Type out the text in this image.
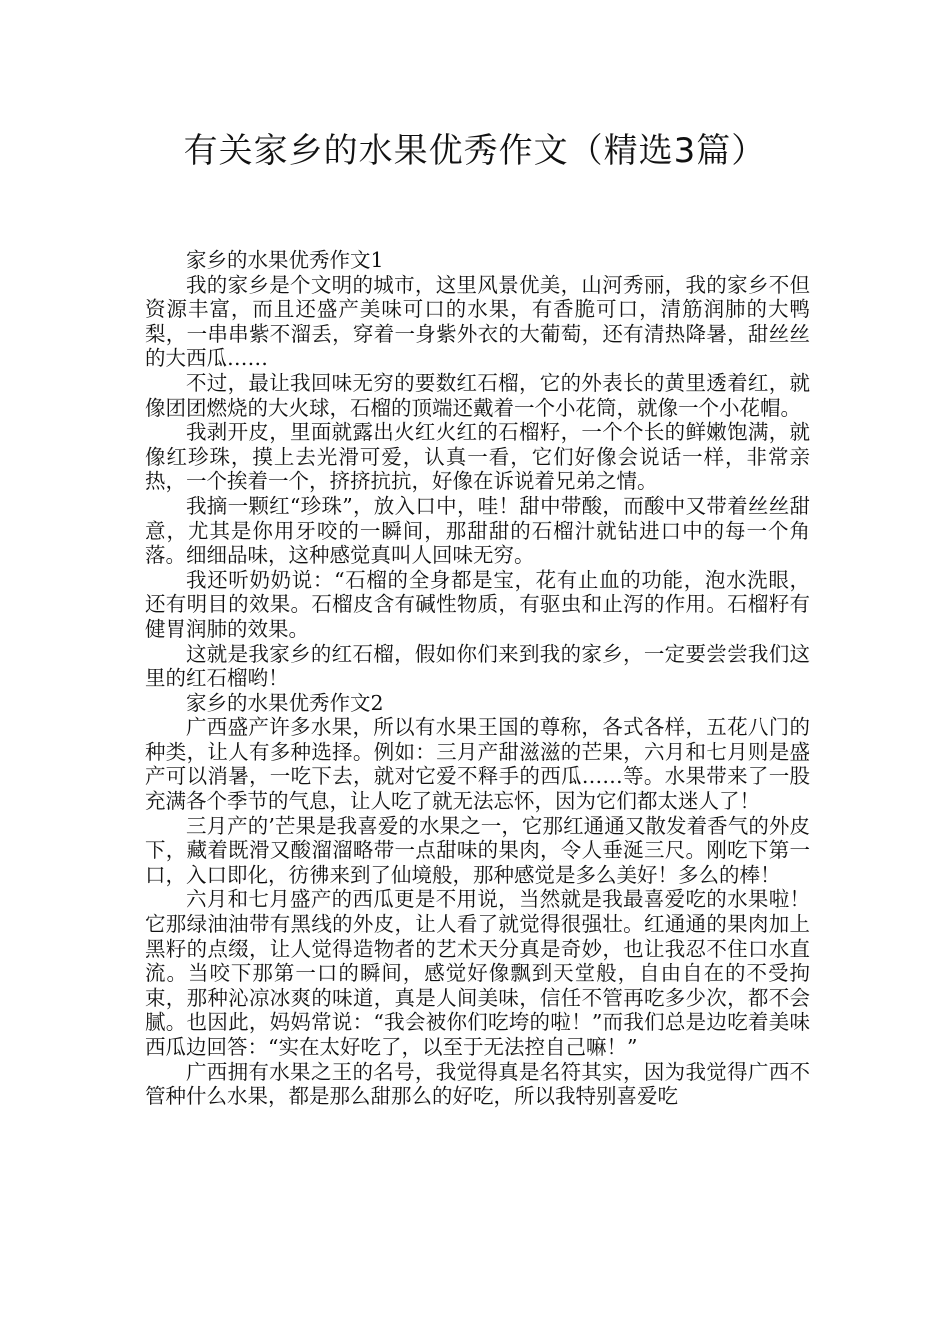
有关家乡的水果优秀作文（精选3篇）

家乡的水果优秀作文1

我的家乡是个文明的城市，这里风景优美，山河秀丽，我的家乡不但资源丰富，而且还盛产美味可口的水果，有香脆可口，清筋润肺的大鸭梨，一串串紫不溜丢，穿着一身紫外衣的大葡萄，还有清热降暑，甜丝丝的大西瓜……

不过，最让我回味无穷的要数红石榴，它的外表长的黄里透着红，就像团团燃烧的大火球，石榴的顶端还戴着一个小花筒，就像一个小花帽。

我剥开皮，里面就露出火红火红的石榴籽，一个个长的鲜嫩饱满，就像红珍珠，摸上去光滑可爱，认真一看，它们好像会说话一样，非常亲热，一个挨着一个，挤挤抗抗，好像在诉说着兄弟之情。

我摘一颗红“珍珠”，放入口中，哇！甜中带酸，而酸中又带着丝丝甜意，尤其是你用牙咬的一瞬间，那甜甜的石榴汁就钻进口中的每一个角落。细细品味，这种感觉真叫人回味无穷。

我还听奶奶说：“石榴的全身都是宝，花有止血的功能，泡水洗眼，还有明目的效果。石榴皮含有碱性物质，有驱虫和止泻的作用。石榴籽有健胃润肺的效果。

这就是我家乡的红石榴，假如你们来到我的家乡，一定要尝尝我们这里的红石榴哟！

家乡的水果优秀作文2

广西盛产许多水果，所以有水果王国的尊称，各式各样，五花八门的种类，让人有多种选择。例如：三月产甜滋滋的芒果，六月和七月则是盛产可以消暑，一吃下去，就对它爱不释手的西瓜……等。水果带来了一股充满各个季节的气息，让人吃了就无法忘怀，因为它们都太迷人了！

三月产的’芒果是我喜爱的水果之一，它那红通通又散发着香气的外皮下，藏着既滑又酸溜溜略带一点甜味的果肉，令人垂涎三尺。刚吃下第一口，入口即化，彷彿来到了仙境般，那种感觉是多么美好！多么的棒！

六月和七月盛产的西瓜更是不用说，当然就是我最喜爱吃的水果啦！它那绿油油带有黑线的外皮，让人看了就觉得很强壮。红通通的果肉加上黑籽的点缀，让人觉得造物者的艺术天分真是奇妙，也让我忍不住口水直流。当咬下那第一口的瞬间，感觉好像飘到天堂般，自由自在的不受拘束，那种沁凉冰爽的味道，真是人间美味，信任不管再吃多少次，都不会腻。也因此，妈妈常说：“我会被你们吃垮的啦！”而我们总是边吃着美味西瓜边回答：“实在太好吃了，以至于无法控自己嘛！”

广西拥有水果之王的名号，我觉得真是名符其实，因为我觉得广西不管种什么水果，都是那么甜那么的好吃，所以我特别喜爱吃
